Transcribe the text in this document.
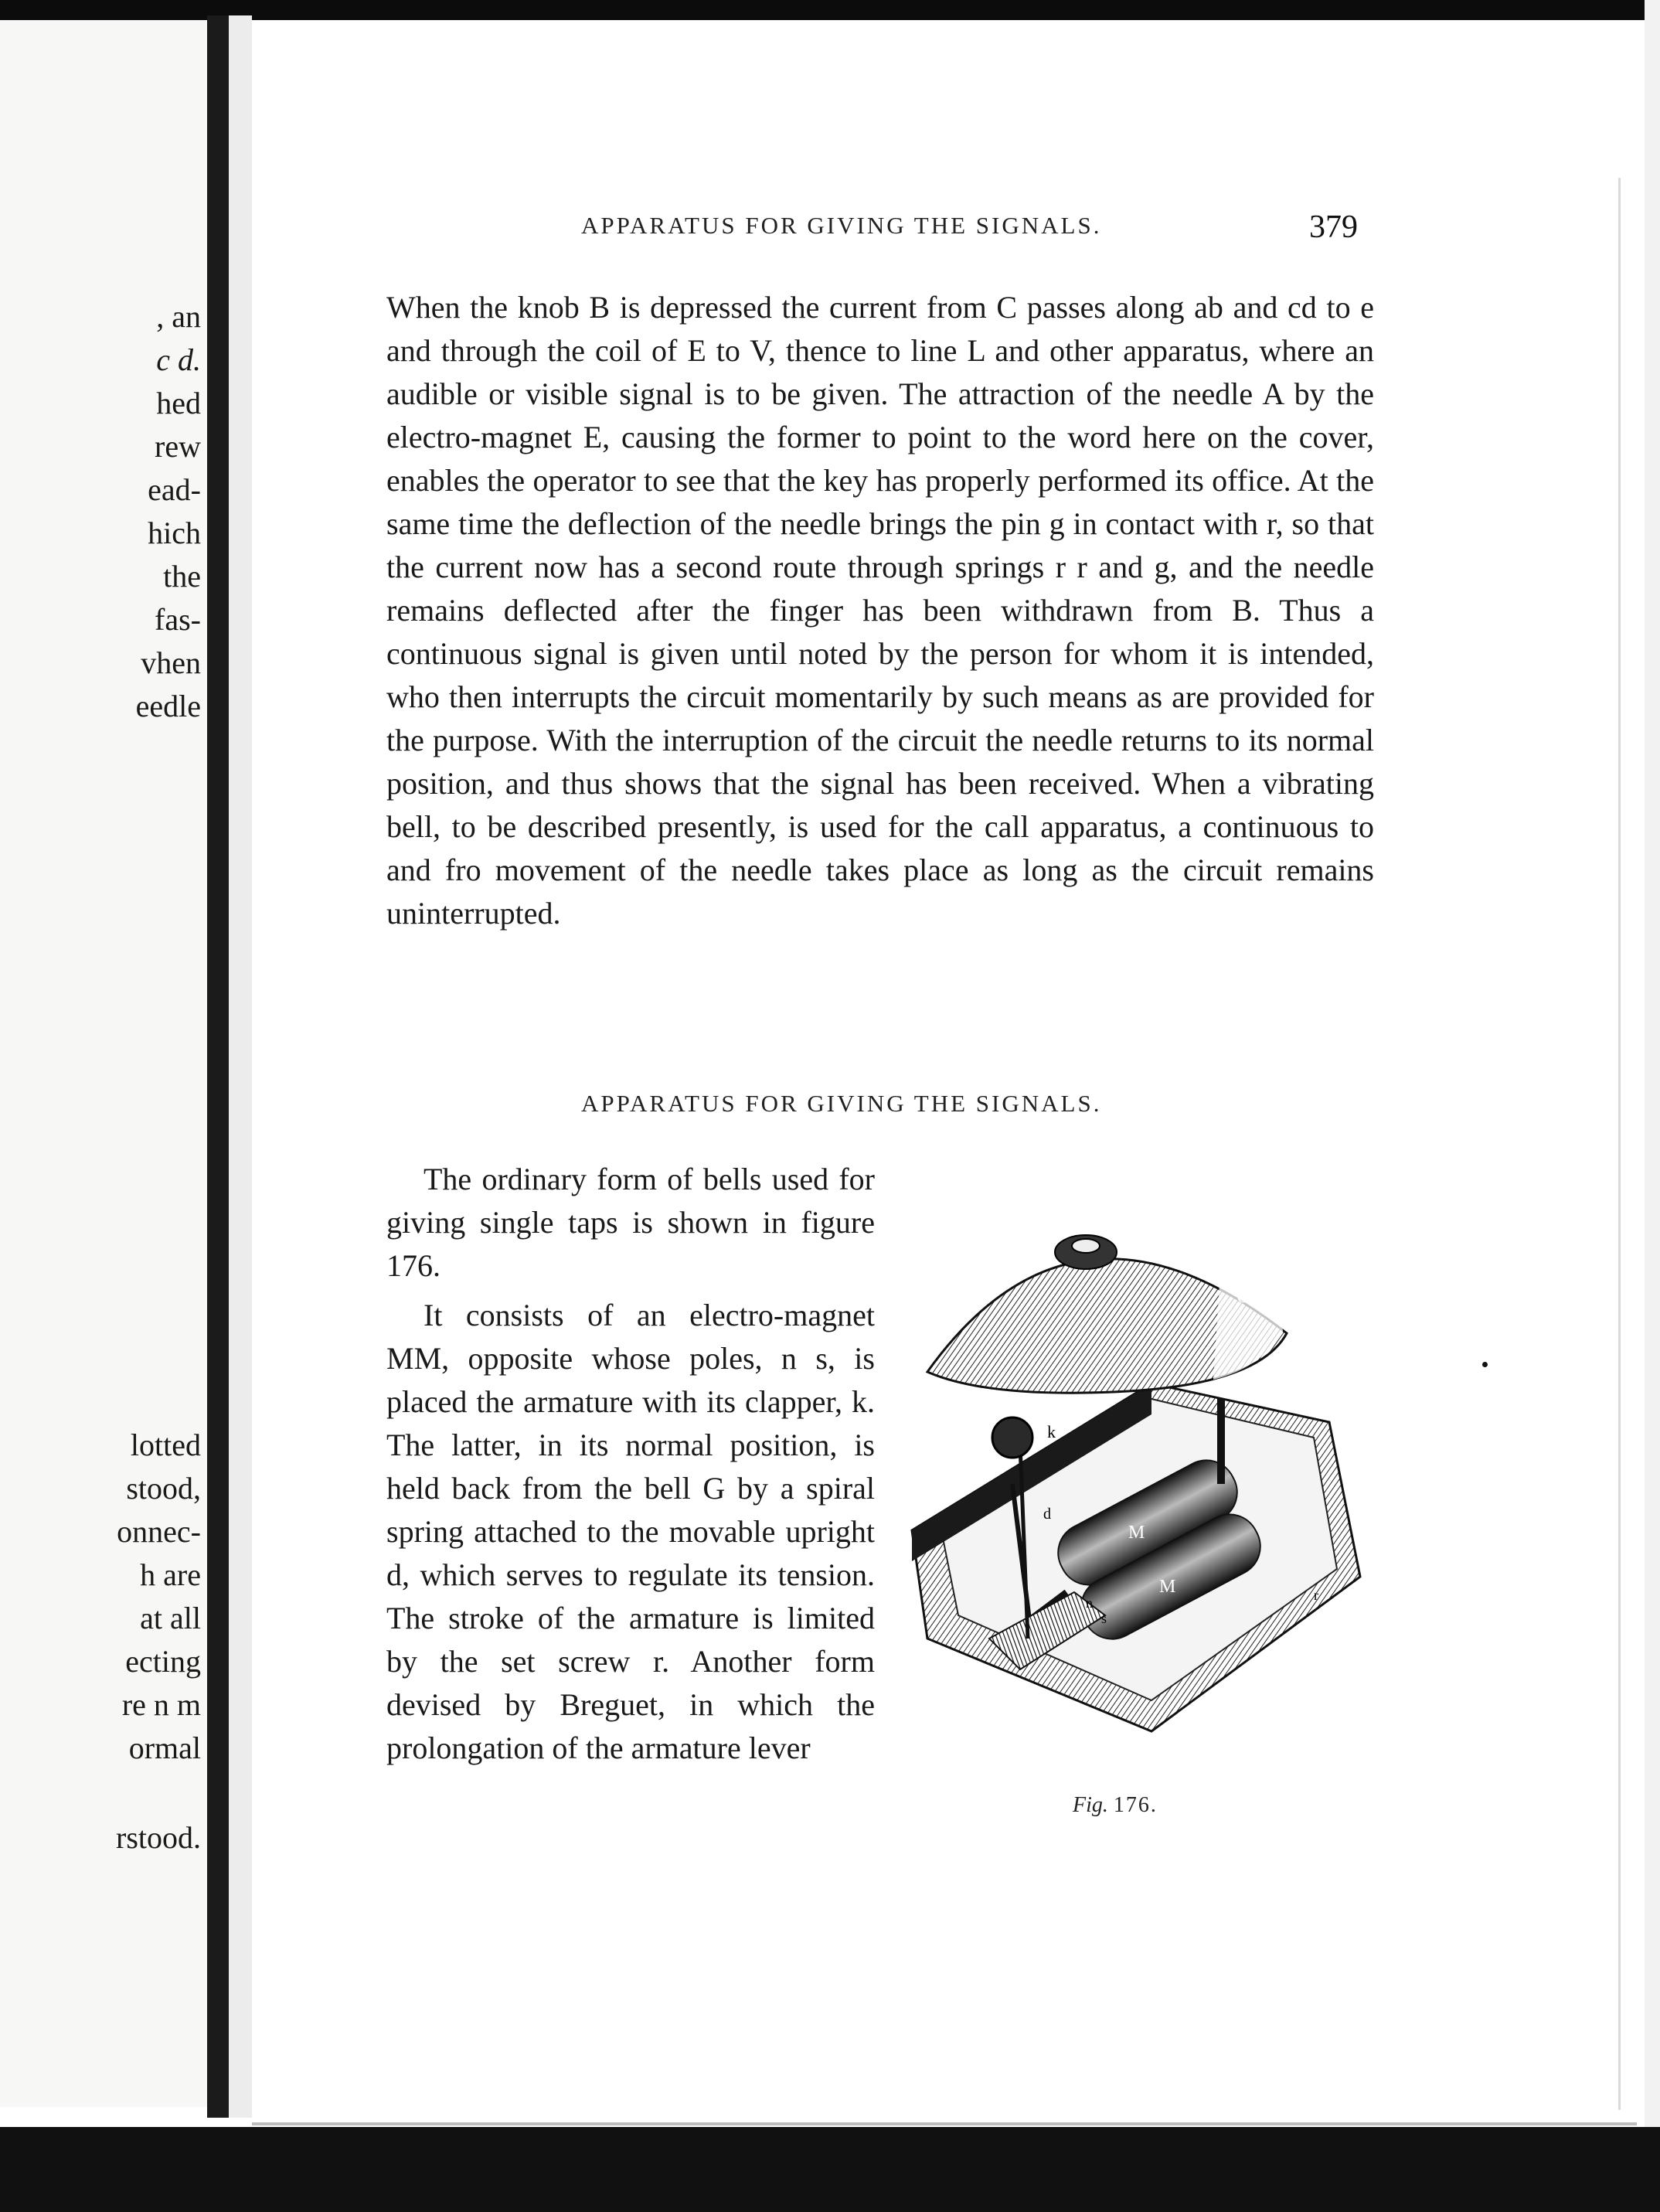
, an
c d.
hed
rew
ead-
hich
the
fas-
vhen
eedle
lotted
stood,
onnec-
h are
at all
ecting
re n m
ormal
rstood.
APPARATUS FOR GIVING THE SIGNALS.	379
When the knob B is depressed the current from C passes along ab and cd to e and through the coil of E to V, thence to line L and other apparatus, where an audible or visible signal is to be given. The attraction of the needle A by the electro-magnet E, causing the former to point to the word here on the cover, enables the operator to see that the key has properly performed its office. At the same time the deflection of the needle brings the pin g in contact with r, so that the current now has a second route through springs r r and g, and the needle remains deflected after the finger has been withdrawn from B. Thus a continuous signal is given until noted by the person for whom it is intended, who then interrupts the circuit momentarily by such means as are provided for the purpose. With the interruption of the circuit the needle returns to its normal position, and thus shows that the signal has been received. When a vibrating bell, to be described presently, is used for the call apparatus, a continuous to and fro movement of the needle takes place as long as the circuit remains uninterrupted.
APPARATUS FOR GIVING THE SIGNALS.

The ordinary form of bells used for giving single taps is shown in figure 176.

It consists of an electro-magnet MM, opposite whose poles, n s, is placed the armature with its clapper, k. The latter, in its normal position, is held back from the bell G by a spiral spring attached to the movable upright d, which serves to regulate its tension. The stroke of the armature is limited by the set screw r. Another form devised by Breguet, in which the prolongation of the armature lever

G
k
d
M
M	r
n
s
Fig. 176.
